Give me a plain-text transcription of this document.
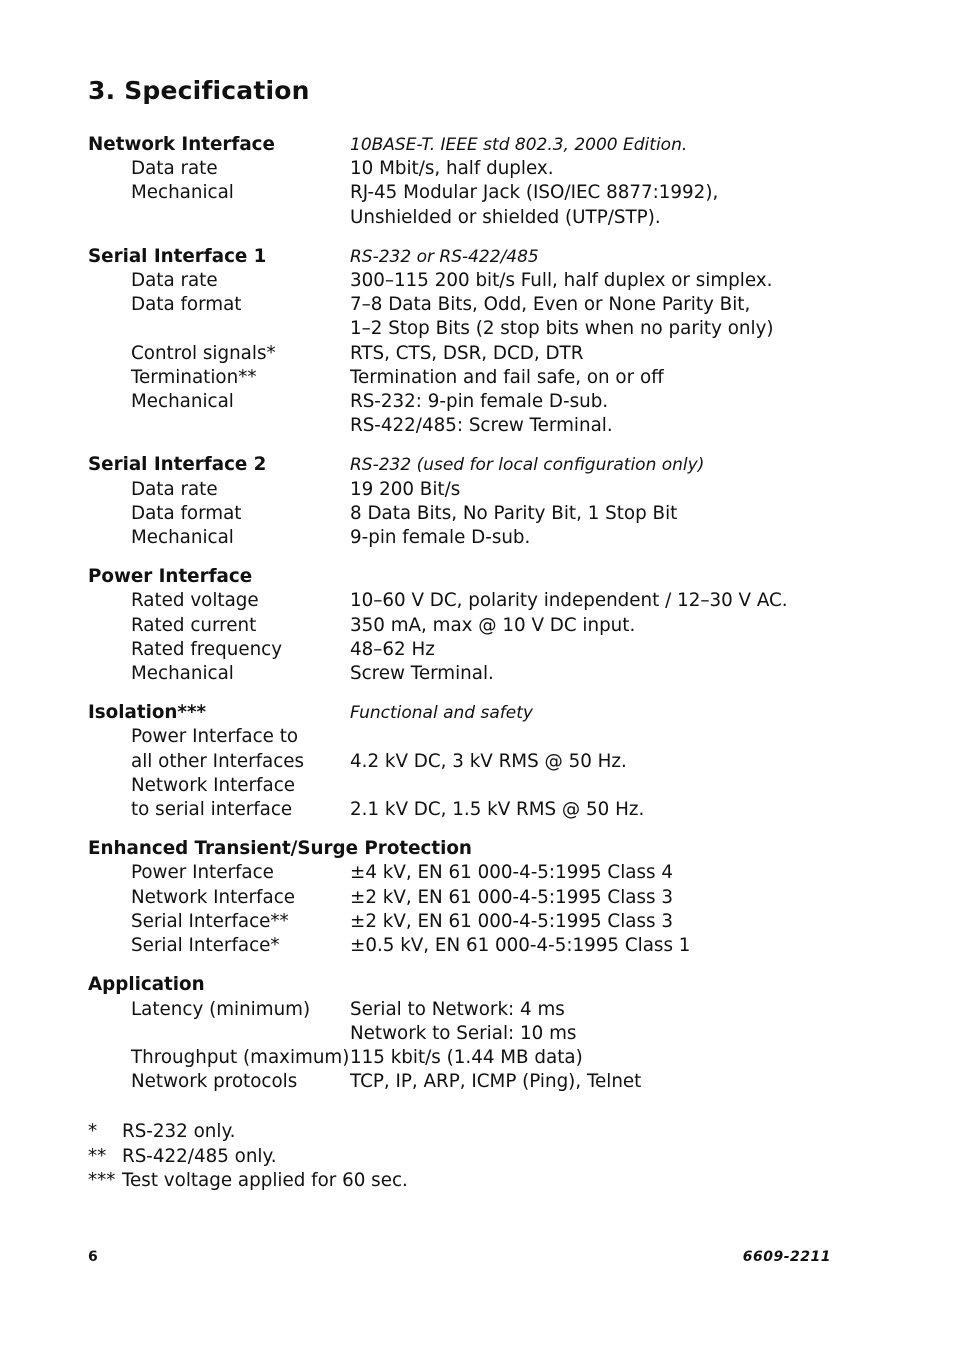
3. Specification
Network Interface	10BASE-T. IEEE std 802.3, 2000 Edition.
Data rate	10 Mbit/s, half duplex.
Mechanical	RJ-45 Modular Jack (ISO/IEC 8877:1992),
Unshielded or shielded (UTP/STP).
Serial Interface 1	RS-232 or RS-422/485
Data rate	300–115 200 bit/s Full, half duplex or simplex.
Data format	7–8 Data Bits, Odd, Even or None Parity Bit,
1–2 Stop Bits (2 stop bits when no parity only)
Control signals*	RTS, CTS, DSR, DCD, DTR
Termination**	Termination and fail safe, on or off
Mechanical	RS-232: 9-pin female D-sub.
RS-422/485: Screw Terminal.
Serial Interface 2	RS-232 (used for local configuration only)
Data rate	19 200 Bit/s
Data format	8 Data Bits, No Parity Bit, 1 Stop Bit
Mechanical	9-pin female D-sub.
Power Interface
Rated voltage	10–60 V DC, polarity independent / 12–30 V AC.
Rated current	350 mA, max @ 10 V DC input.
Rated frequency	48–62 Hz
Mechanical	Screw Terminal.
Isolation***	Functional and safety
Power Interface to
all other Interfaces	4.2 kV DC, 3 kV RMS @ 50 Hz.
Network Interface
to serial interface	2.1 kV DC, 1.5 kV RMS @ 50 Hz.
Enhanced Transient/Surge Protection
Power Interface	±4 kV, EN 61 000-4-5:1995 Class 4
Network Interface	±2 kV, EN 61 000-4-5:1995 Class 3
Serial Interface**	±2 kV, EN 61 000-4-5:1995 Class 3
Serial Interface*	±0.5 kV, EN 61 000-4-5:1995 Class 1
Application
Latency (minimum)	Serial to Network: 4 ms
Network to Serial: 10 ms
Throughput (maximum) 115 kbit/s (1.44 MB data)
Network protocols	TCP, IP, ARP, ICMP (Ping), Telnet
*	RS-232 only.
** RS-422/485 only.
*** Test voltage applied for 60 sec.
6	6609-2211
